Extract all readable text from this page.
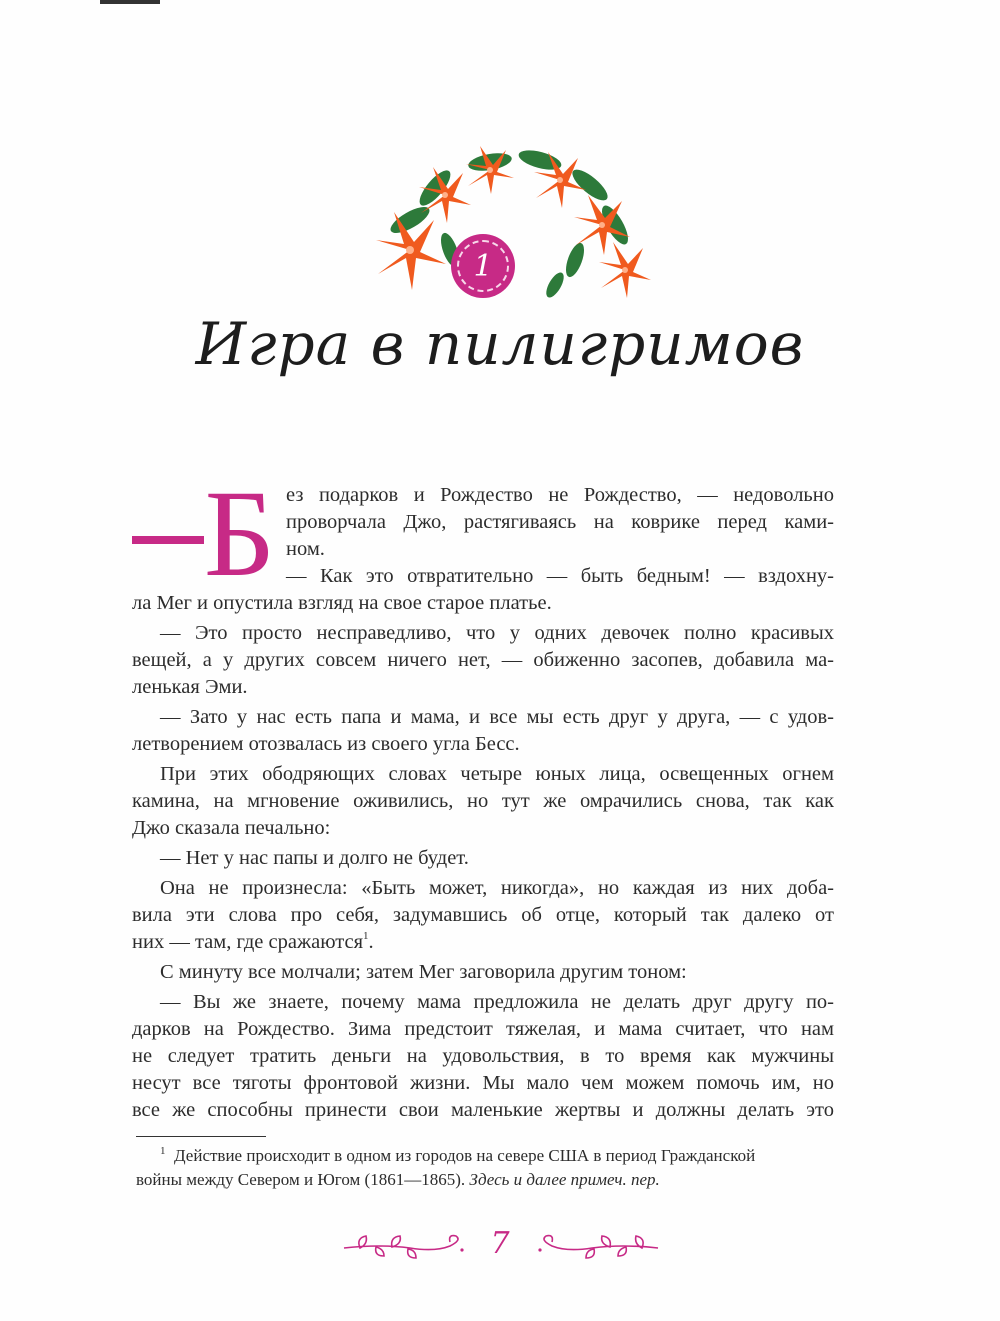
1
Игра в пилигримов
Б ез подарков и Рождество не Рождество, — недовольно
проворчала Джо, растягиваясь на коврике перед ками-
ном.
— Как это отвратительно — быть бедным! — вздохну-
ла Мег и опустила взгляд на свое старое платье.
— Это просто несправедливо, что у одних девочек полно красивых
вещей, а у других совсем ничего нет, — обиженно засопев, добавила ма-
ленькая Эми.
— Зато у нас есть папа и мама, и все мы есть друг у друга, — с удов-
летворением отозвалась из своего угла Бесс.
При этих ободряющих словах четыре юных лица, освещенных огнем
камина, на мгновение оживились, но тут же омрачились снова, так как
Джо сказала печально:
— Нет у нас папы и долго не будет.
Она не произнесла: «Быть может, никогда», но каждая из них доба-
вила эти слова про себя, задумавшись об отце, который так далеко от
них — там, где сражаются$^1$.
С минуту все молчали; затем Мег заговорила другим тоном:
— Вы же знаете, почему мама предложила не делать друг другу по-
дарков на Рождество. Зима предстоит тяжелая, и мама считает, что нам
не следует тратить деньги на удовольствия, в то время как мужчины
несут все тяготы фронтовой жизни. Мы мало чем можем помочь им, но
все же способны принести свои маленькие жертвы и должны делать это
$^1$ Действие происходит в одном из городов на севере США в период Гражданской
войны между Севером и Югом (1861—1865). Здесь и далее примеч. пер.
7
